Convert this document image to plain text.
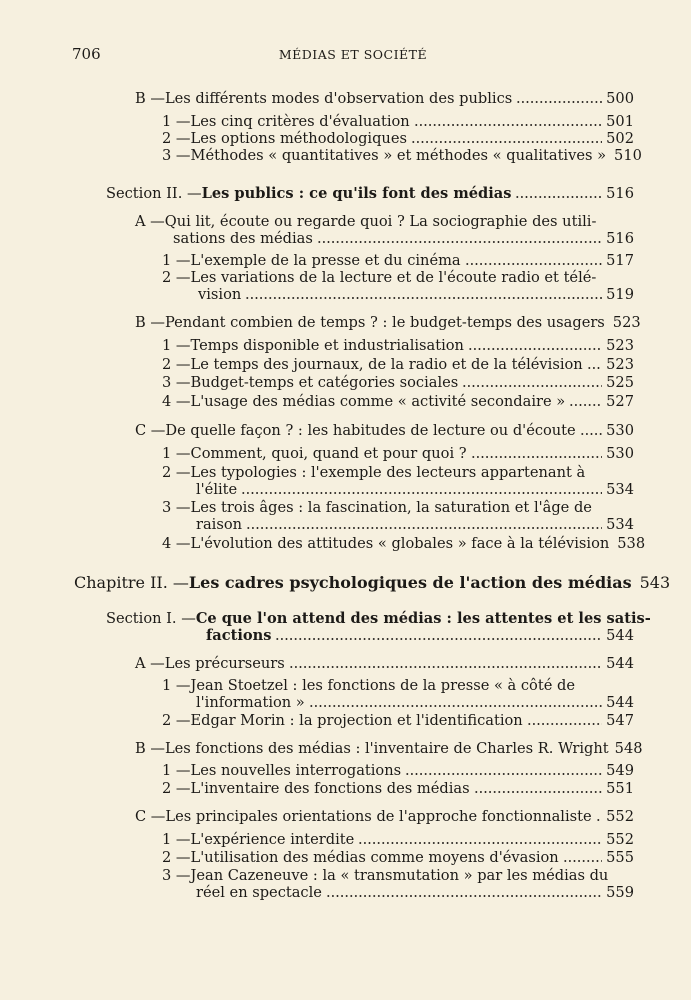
706	MÉDIAS ET SOCIÉTÉ
B — Les différents modes d'observation des publics	500
1 — Les cinq critères d'évaluation	501
2 — Les options méthodologiques	502
3 — Méthodes « quantitatives » et méthodes « qualitatives » 510
Section II. — Les publics : ce qu'ils font des médias	516
A — Qui lit, écoute ou regarde quoi ? La sociographie des utili-
sations des médias	516
1 — L'exemple de la presse et du cinéma	517
2 — Les variations de la lecture et de l'écoute radio et télé-
vision	519
B — Pendant combien de temps ? : le budget-temps des usagers 523
1 — Temps disponible et industrialisation	523
2 — Le temps des journaux, de la radio et de la télévision 523
3 — Budget-temps et catégories sociales	525
4 — L'usage des médias comme « activité secondaire »	527
C — De quelle façon ? : les habitudes de lecture ou d'écoute 530
1 — Comment, quoi, quand et pour quoi ?	530
2 — Les typologies : l'exemple des lecteurs appartenant à
l'élite	534
3 — Les trois âges : la fascination, la saturation et l'âge de
raison	534
4 — L'évolution des attitudes « globales » face à la télévision 538
Chapitre II. — Les cadres psychologiques de l'action des médias 543
Section I. — Ce que l'on attend des médias : les attentes et les satis-
factions	544
A — Les précurseurs	544
1 — Jean Stoetzel : les fonctions de la presse « à côté de
l'information »	544
2 — Edgar Morin : la projection et l'identification	547
B — Les fonctions des médias : l'inventaire de Charles R. Wright 548
1 — Les nouvelles interrogations	549
2 — L'inventaire des fonctions des médias	551
C — Les principales orientations de l'approche fonctionnaliste 552
1 — L'expérience interdite	552
2 — L'utilisation des médias comme moyens d'évasion	555
3 — Jean Cazeneuve : la « transmutation » par les médias du
réel en spectacle	559
